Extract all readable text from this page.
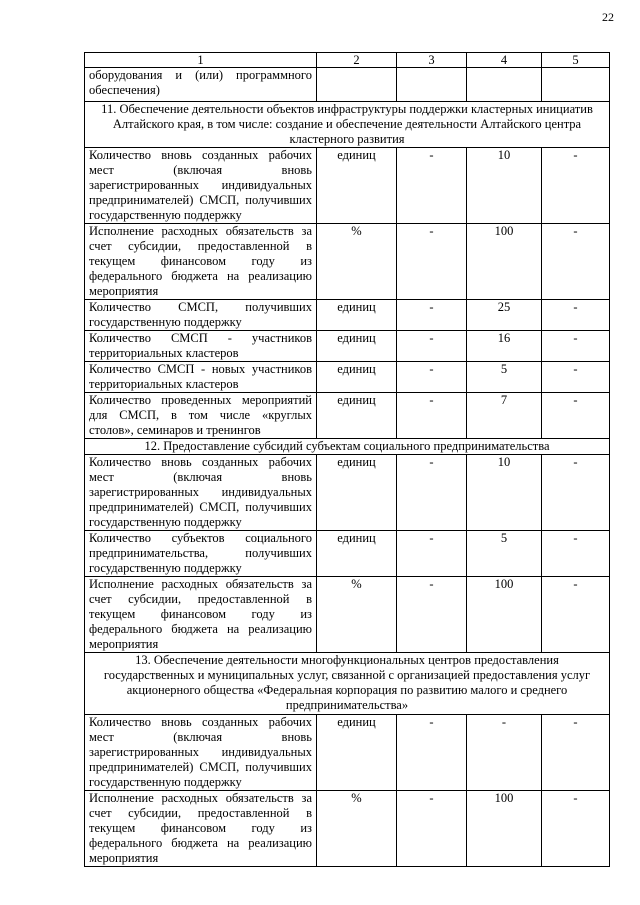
22
1	2	3	4	5
оборудования и (или) программного обеспечения)				
11. Обеспечение деятельности объектов инфраструктуры поддержки кластерных инициатив Алтайского края, в том числе: создание и обеспечение деятельности Алтайского центра кластерного развития				
Количество вновь созданных рабочих мест (включая вновь зарегистрированных индивидуальных предпринимателей) СМСП, получивших государственную поддержку	единиц	-	10	-
Исполнение расходных обязательств за счет субсидии, предоставленной в текущем финансовом году из федерального бюджета на реализацию мероприятия	%	-	100	-
Количество СМСП, получивших государственную поддержку	единиц	-	25	-
Количество СМСП - участников территориальных кластеров	единиц	-	16	-
Количество СМСП - новых участников территориальных кластеров	единиц	-	5	-
Количество проведенных мероприятий для СМСП, в том числе «круглых столов», семинаров и тренингов	единиц	-	7	-
12. Предоставление субсидий субъектам социального предпринимательства				
Количество вновь созданных рабочих мест (включая вновь зарегистрированных индивидуальных предпринимателей) СМСП, получивших государственную поддержку	единиц	-	10	-
Количество субъектов социального предпринимательства, получивших государственную поддержку	единиц	-	5	-
Исполнение расходных обязательств за счет субсидии, предоставленной в текущем финансовом году из федерального бюджета на реализацию мероприятия	%	-	100	-
13. Обеспечение деятельности многофункциональных центров предоставления государственных и муниципальных услуг, связанной с организацией предоставления услуг акционерного общества «Федеральная корпорация по развитию малого и среднего предпринимательства»				
Количество вновь созданных рабочих мест (включая вновь зарегистрированных индивидуальных предпринимателей) СМСП, получивших государственную поддержку	единиц	-	-	-
Исполнение расходных обязательств за счет субсидии, предоставленной в текущем финансовом году из федерального бюджета на реализацию мероприятия	%	-	100	-
